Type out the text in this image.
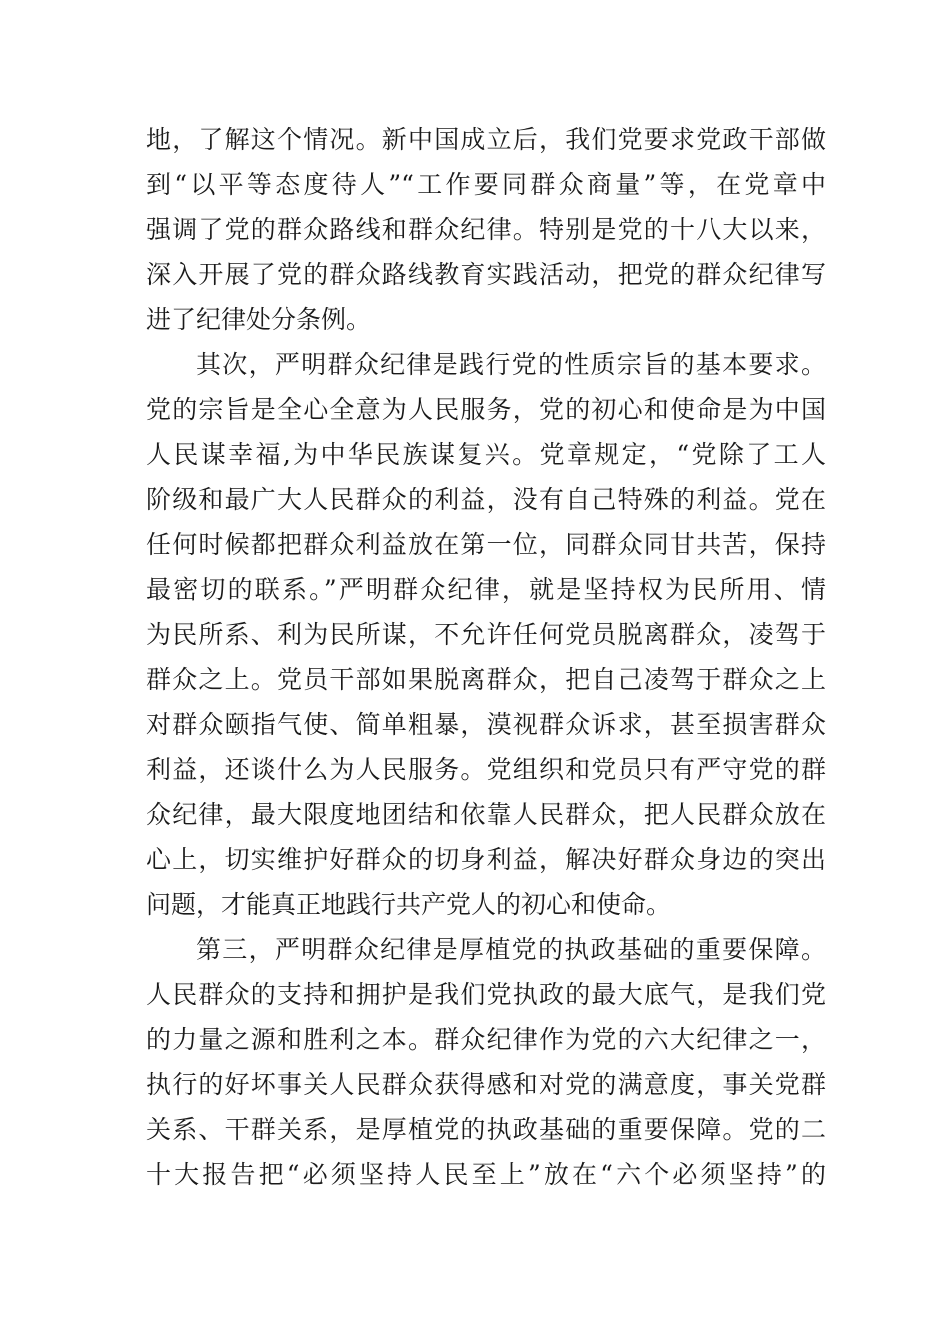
地，了解这个情况。新中国成立后，我们党要求党政干部做
到“以平等态度待人”“工作要同群众商量”等，在党章中
强调了党的群众路线和群众纪律。特别是党的十八大以来，
深入开展了党的群众路线教育实践活动，把党的群众纪律写
进了纪律处分条例。
其次，严明群众纪律是践行党的性质宗旨的基本要求。
党的宗旨是全心全意为人民服务，党的初心和使命是为中国
人民谋幸福,为中华民族谋复兴。党章规定，“党除了工人
阶级和最广大人民群众的利益，没有自己特殊的利益。党在
任何时候都把群众利益放在第一位，同群众同甘共苦，保持
最密切的联系。”严明群众纪律，就是坚持权为民所用、情
为民所系、利为民所谋，不允许任何党员脱离群众，凌驾于
群众之上。党员干部如果脱离群众，把自己凌驾于群众之上
对群众颐指气使、简单粗暴，漠视群众诉求，甚至损害群众
利益，还谈什么为人民服务。党组织和党员只有严守党的群
众纪律，最大限度地团结和依靠人民群众，把人民群众放在
心上，切实维护好群众的切身利益，解决好群众身边的突出
问题，才能真正地践行共产党人的初心和使命。
第三，严明群众纪律是厚植党的执政基础的重要保障。
人民群众的支持和拥护是我们党执政的最大底气，是我们党
的力量之源和胜利之本。群众纪律作为党的六大纪律之一，
执行的好坏事关人民群众获得感和对党的满意度，事关党群
关系、干群关系，是厚植党的执政基础的重要保障。党的二
十大报告把“必须坚持人民至上”放在“六个必须坚持”的
